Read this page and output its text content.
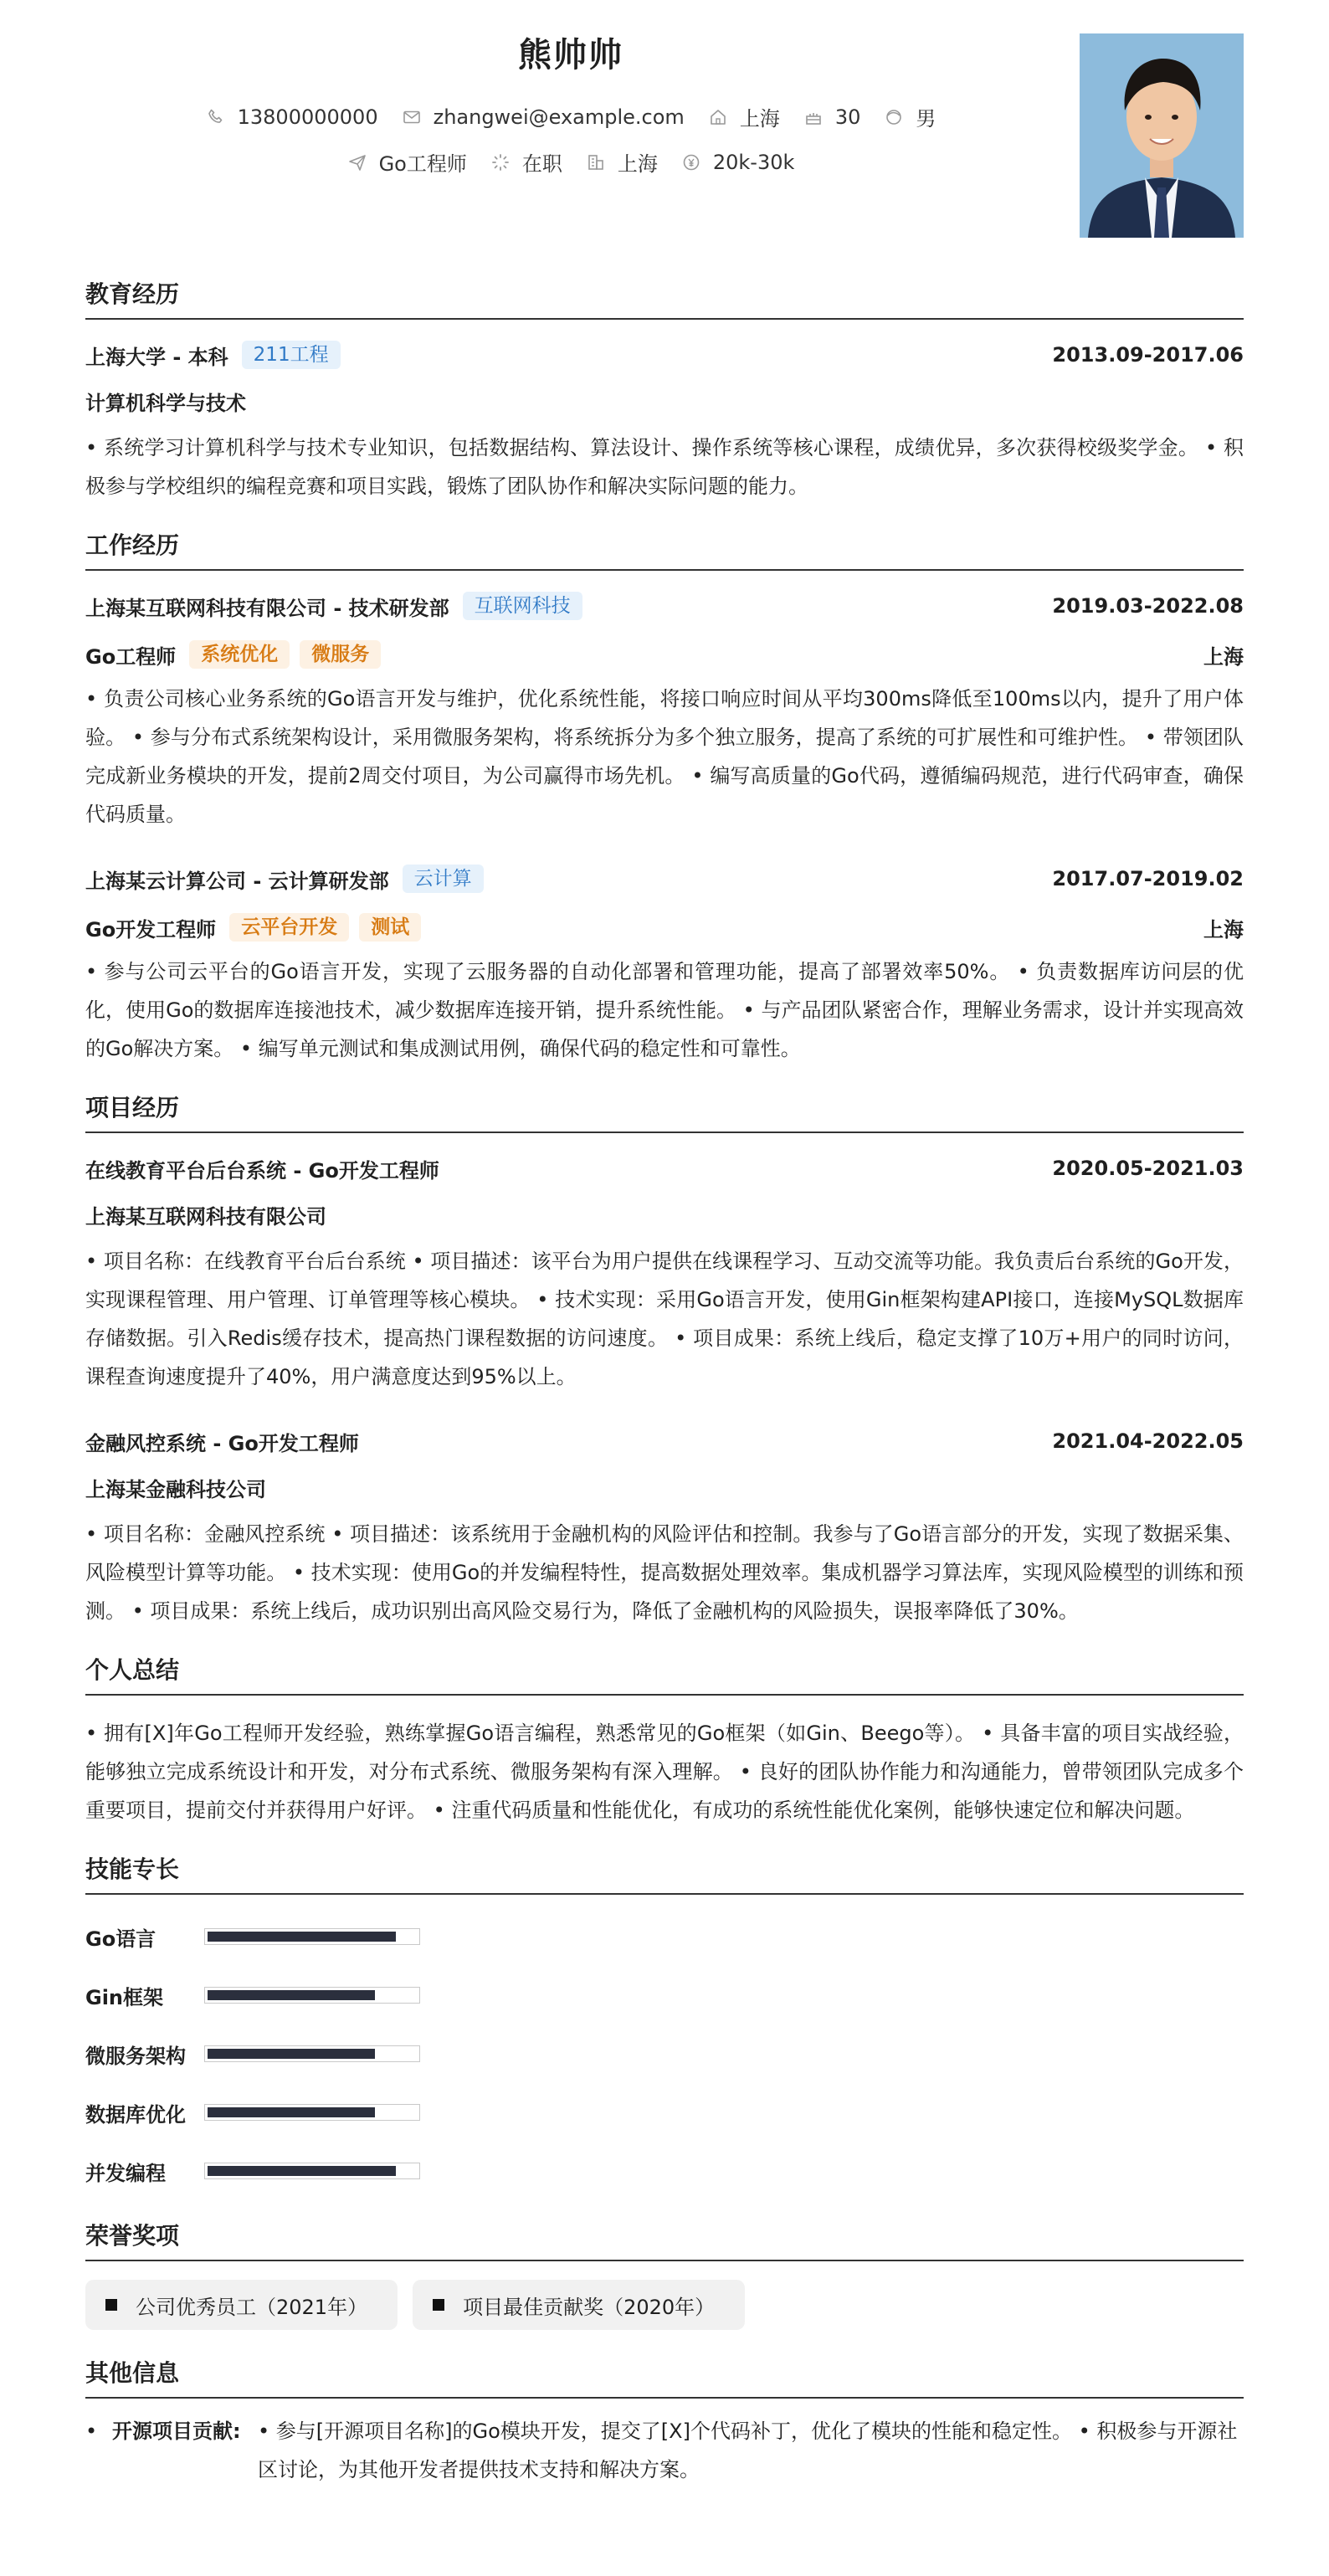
熊帅帅
13800000000	zhangwei@example.com	上海	30	男
Go工程师	在职	上海	20k-30k
教育经历
上海大学 - 本科	211工程	2013.09-2017.06
计算机科学与技术
• 系统学习计算机科学与技术专业知识，包括数据结构、算法设计、操作系统等核心课程，成绩优异，多次获得校级奖学金。 • 积极参与学校组织的编程竞赛和项目实践，锻炼了团队协作和解决实际问题的能力。
工作经历
上海某互联网科技有限公司 - 技术研发部	互联网科技	2019.03-2022.08
Go工程师	系统优化	微服务	上海
• 负责公司核心业务系统的Go语言开发与维护，优化系统性能，将接口响应时间从平均300ms降低至100ms以内，提升了用户体验。 • 参与分布式系统架构设计，采用微服务架构，将系统拆分为多个独立服务，提高了系统的可扩展性和可维护性。 • 带领团队完成新业务模块的开发，提前2周交付项目，为公司赢得市场先机。 • 编写高质量的Go代码，遵循编码规范，进行代码审查，确保代码质量。
上海某云计算公司 - 云计算研发部	云计算	2017.07-2019.02
Go开发工程师	云平台开发	测试	上海
• 参与公司云平台的Go语言开发，实现了云服务器的自动化部署和管理功能，提高了部署效率50%。 • 负责数据库访问层的优化，使用Go的数据库连接池技术，减少数据库连接开销，提升系统性能。 • 与产品团队紧密合作，理解业务需求，设计并实现高效的Go解决方案。 • 编写单元测试和集成测试用例，确保代码的稳定性和可靠性。
项目经历
在线教育平台后台系统 - Go开发工程师	2020.05-2021.03
上海某互联网科技有限公司
• 项目名称：在线教育平台后台系统 • 项目描述：该平台为用户提供在线课程学习、互动交流等功能。我负责后台系统的Go开发，实现课程管理、用户管理、订单管理等核心模块。 • 技术实现：采用Go语言开发，使用Gin框架构建API接口，连接MySQL数据库存储数据。引入Redis缓存技术，提高热门课程数据的访问速度。 • 项目成果：系统上线后，稳定支撑了10万+用户的同时访问，课程查询速度提升了40%，用户满意度达到95%以上。
金融风控系统 - Go开发工程师	2021.04-2022.05
上海某金融科技公司
• 项目名称：金融风控系统 • 项目描述：该系统用于金融机构的风险评估和控制。我参与了Go语言部分的开发，实现了数据采集、风险模型计算等功能。 • 技术实现：使用Go的并发编程特性，提高数据处理效率。集成机器学习算法库，实现风险模型的训练和预测。 • 项目成果：系统上线后，成功识别出高风险交易行为，降低了金融机构的风险损失，误报率降低了30%。
个人总结
• 拥有[X]年Go工程师开发经验，熟练掌握Go语言编程，熟悉常见的Go框架（如Gin、Beego等）。 • 具备丰富的项目实战经验，能够独立完成系统设计和开发，对分布式系统、微服务架构有深入理解。 • 良好的团队协作能力和沟通能力，曾带领团队完成多个重要项目，提前交付并获得用户好评。 • 注重代码质量和性能优化，有成功的系统性能优化案例，能够快速定位和解决问题。
技能专长
Go语言
Gin框架
微服务架构
数据库优化
并发编程
荣誉奖项
公司优秀员工（2021年）	项目最佳贡献奖（2020年）
其他信息
• 开源项目贡献: • 参与[开源项目名称]的Go模块开发，提交了[X]个代码补丁，优化了模块的性能和稳定性。 • 积极参与开源社区讨论，为其他开发者提供技术支持和解决方案。
